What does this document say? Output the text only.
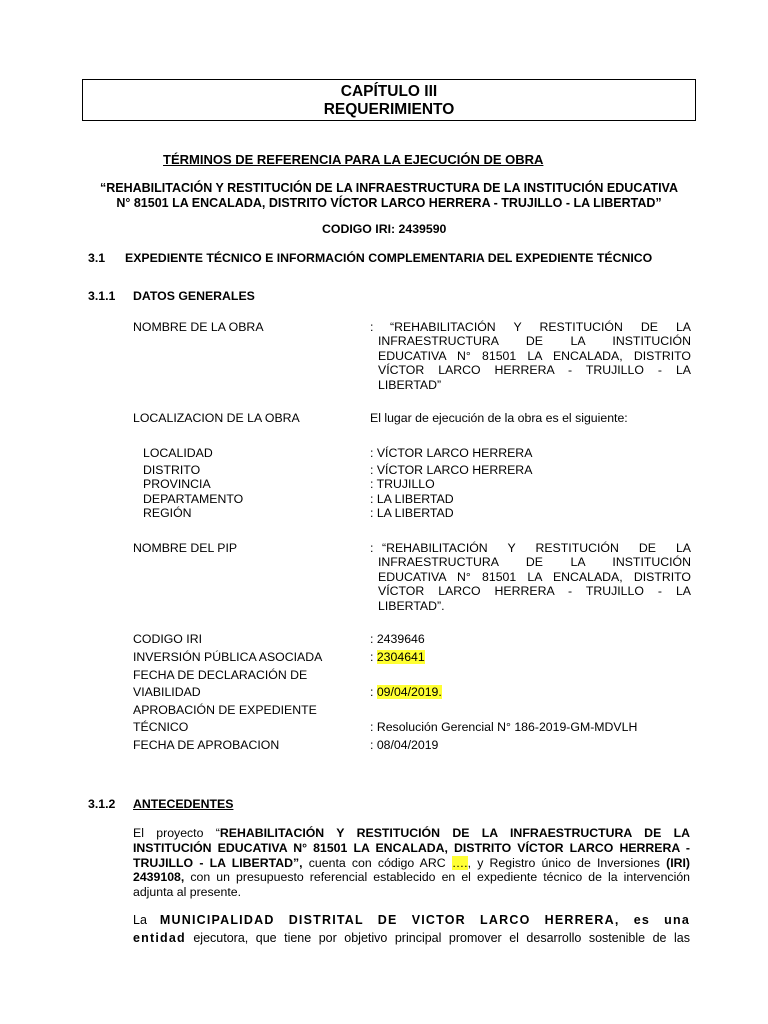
CAPÍTULO III
REQUERIMIENTO
TÉRMINOS DE REFERENCIA PARA LA EJECUCIÓN DE OBRA
“REHABILITACIÓN Y RESTITUCIÓN DE LA INFRAESTRUCTURA DE LA INSTITUCIÓN EDUCATIVA
N° 81501 LA ENCALADA, DISTRITO VÍCTOR LARCO HERRERA - TRUJILLO - LA LIBERTAD”
CODIGO IRI: 2439590
3.1 EXPEDIENTE TÉCNICO E INFORMACIÓN COMPLEMENTARIA DEL EXPEDIENTE TÉCNICO
3.1.1 DATOS GENERALES
NOMBRE DE LA OBRA	:	“REHABILITACIÓN Y RESTITUCIÓN DE LA
INFRAESTRUCTURA DE LA INSTITUCIÓN
EDUCATIVA N° 81501 LA ENCALADA, DISTRITO
VÍCTOR LARCO HERRERA - TRUJILLO - LA
LIBERTAD”
LOCALIZACION DE LA OBRA	El lugar de ejecución de la obra es el siguiente:
LOCALIDAD	: VÍCTOR LARCO HERRERA
DISTRITO	: VÍCTOR LARCO HERRERA
PROVINCIA	: TRUJILLO
DEPARTAMENTO	: LA LIBERTAD
REGIÓN	: LA LIBERTAD
NOMBRE DEL PIP	: “REHABILITACIÓN Y RESTITUCIÓN DE LA
INFRAESTRUCTURA DE LA INSTITUCIÓN
EDUCATIVA N° 81501 LA ENCALADA, DISTRITO
VÍCTOR LARCO HERRERA - TRUJILLO - LA
LIBERTAD”.
CODIGO IRI	: 2439646
INVERSIÓN PÚBLICA ASOCIADA	: 2304641
FECHA DE DECLARACIÓN DE
VIABILIDAD	: 09/04/2019.
APROBACIÓN DE EXPEDIENTE
TÉCNICO	: Resolución Gerencial N° 186-2019-GM-MDVLH
FECHA DE APROBACION	: 08/04/2019
3.1.2 ANTECEDENTES
El proyecto “REHABILITACIÓN Y RESTITUCIÓN DE LA INFRAESTRUCTURA DE LA
INSTITUCIÓN EDUCATIVA N° 81501 LA ENCALADA, DISTRITO VÍCTOR LARCO HERRERA -
TRUJILLO - LA LIBERTAD”, cuenta con código ARC …., y Registro único de Inversiones (IRI)
2439108, con un presupuesto referencial establecido en el expediente técnico de la intervención
adjunta al presente.
La MUNICIPALIDAD DISTRITAL DE VICTOR LARCO HERRERA, es una
entidad ejecutora, que tiene por objetivo principal promover el desarrollo sostenible de las
